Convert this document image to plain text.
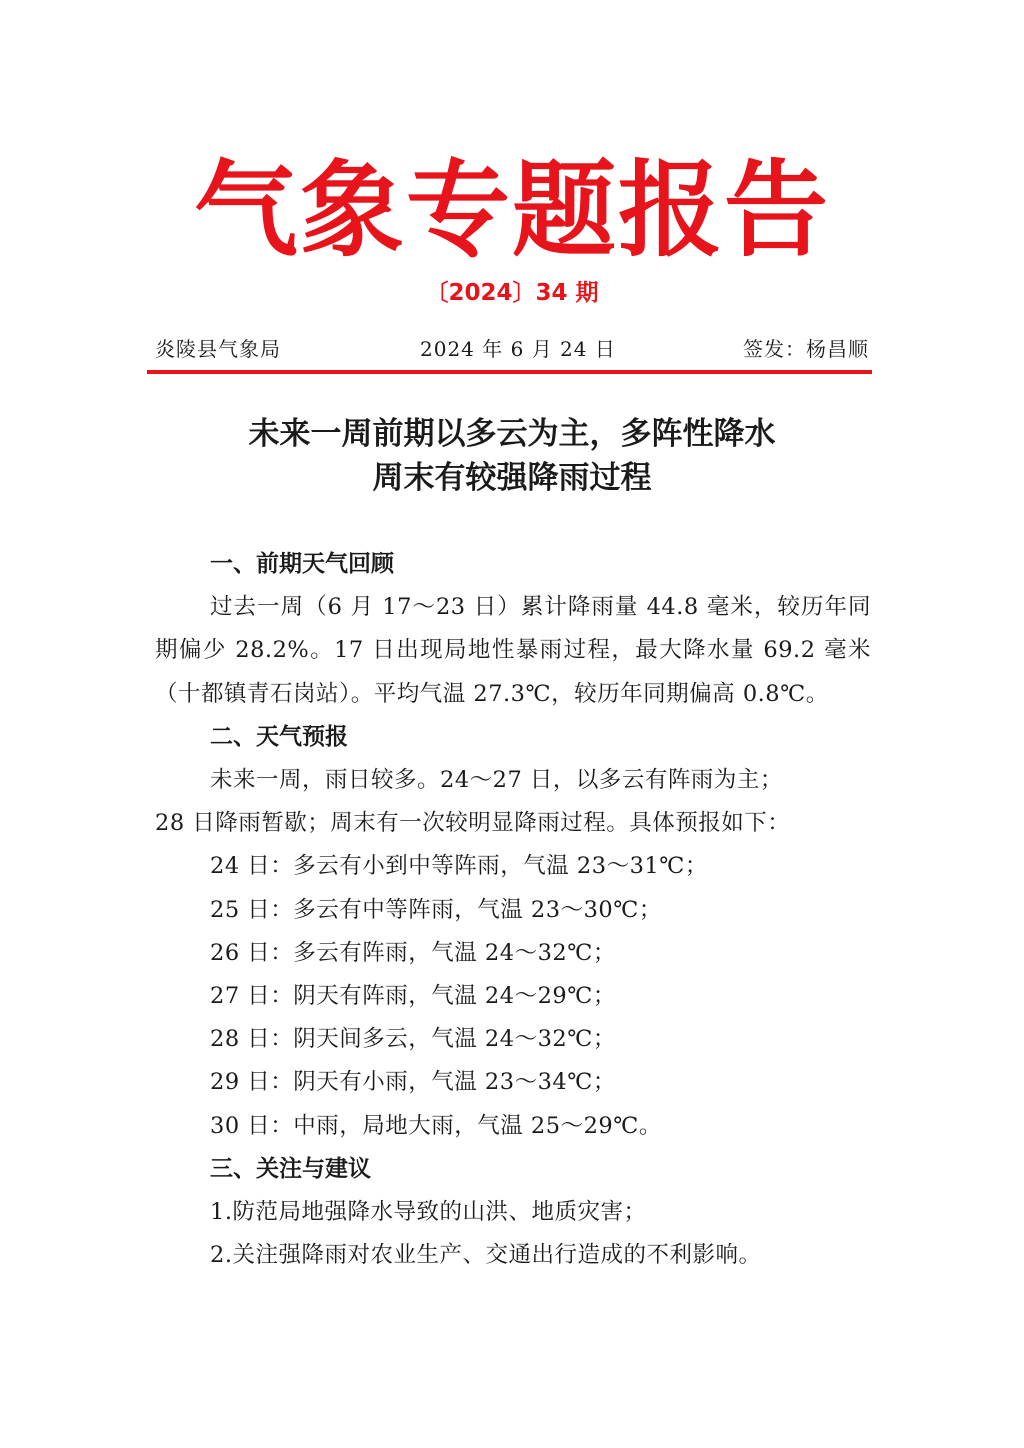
气象专题报告
〔2024〕34 期
炎陵县气象局	2024 年 6 月 24 日	签发：杨昌顺
未来一周前期以多云为主，多阵性降水
周末有较强降雨过程

一、前期天气回顾

过去一周（6 月 17～23 日）累计降雨量 44.8 毫米，较历年同期偏少 28.2%。17 日出现局地性暴雨过程，最大降水量 69.2 毫米（十都镇青石岗站）。平均气温 27.3℃，较历年同期偏高 0.8℃。

二、天气预报

未来一周，雨日较多。24～27 日，以多云有阵雨为主；

28 日降雨暂歇；周末有一次较明显降雨过程。具体预报如下：

24 日：多云有小到中等阵雨，气温 23～31℃；

25 日：多云有中等阵雨，气温 23～30℃；

26 日：多云有阵雨，气温 24～32℃；

27 日：阴天有阵雨，气温 24～29℃；

28 日：阴天间多云，气温 24～32℃；

29 日：阴天有小雨，气温 23～34℃；

30 日：中雨，局地大雨，气温 25～29℃。

三、关注与建议

1.防范局地强降水导致的山洪、地质灾害；

2.关注强降雨对农业生产、交通出行造成的不利影响。
